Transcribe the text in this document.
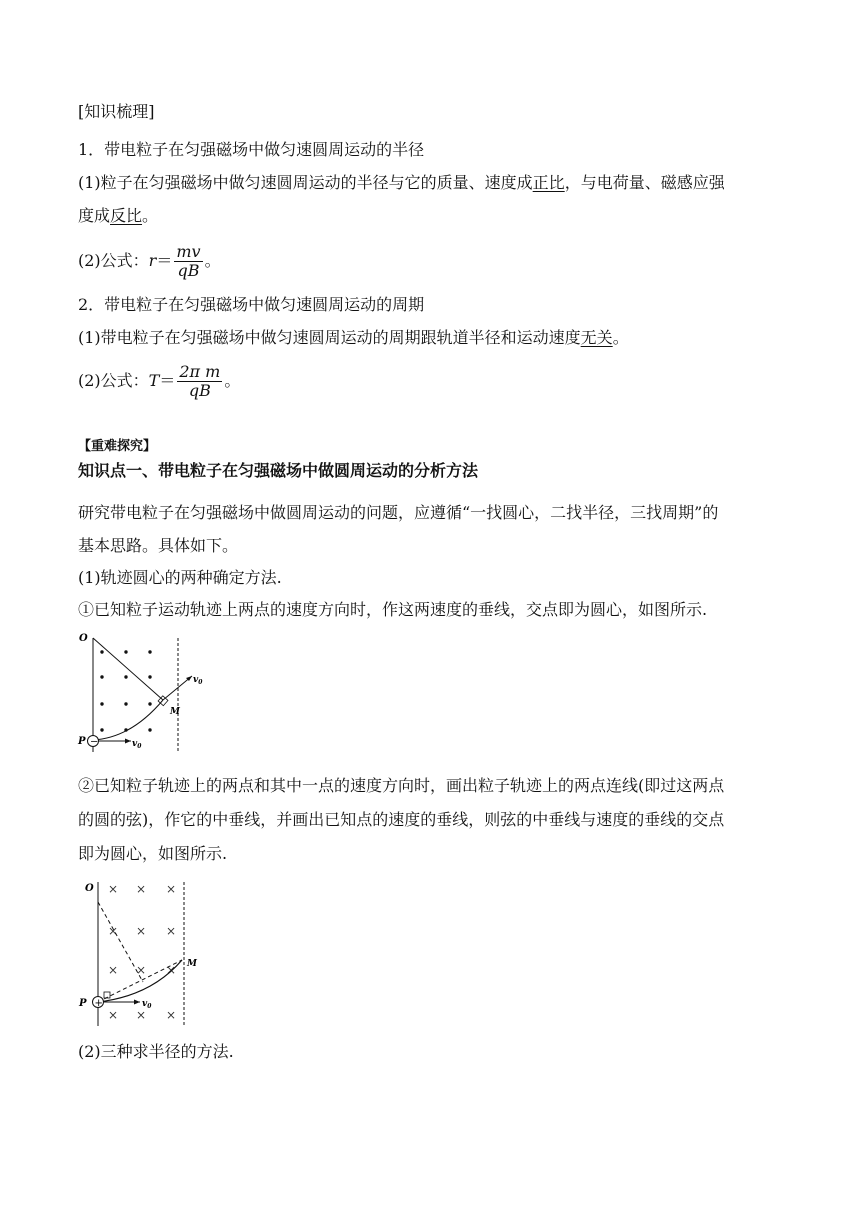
[知识梳理]
1．带电粒子在匀强磁场中做匀速圆周运动的半径
(1)粒子在匀强磁场中做匀速圆周运动的半径与它的质量、速度成正比，与电荷量、磁感应强
度成反比。
(2)公式：$r= \frac{mv}{qB}$ 。
2．带电粒子在匀强磁场中做匀速圆周运动的周期
(1)带电粒子在匀强磁场中做匀速圆周运动的周期跟轨道半径和运动速度无关。
(2)公式：$T= \frac{\text{2π m}}{qB}$ 。
【重难探究】
知识点一、带电粒子在匀强磁场中做圆周运动的分析方法
研究带电粒子在匀强磁场中做圆周运动的问题，应遵循“一找圆心，二找半径，三找周期”的
基本思路。具体如下。
(1)轨迹圆心的两种确定方法.
①已知粒子运动轨迹上两点的速度方向时，作这两速度的垂线，交点即为圆心，如图所示.
O
$v_0$
M
−	$v_0$
P
②已知粒子轨迹上的两点和其中一点的速度方向时，画出粒子轨迹上的两点连线(即过这两点
的圆的弦)，作它的中垂线，并画出已知点的速度的垂线，则弦的中垂线与速度的垂线的交点
即为圆心，如图所示.
× × ×
× × ×
× × ×
× × ×
O
M
+	$v_0$
P
(2)三种求半径的方法.
